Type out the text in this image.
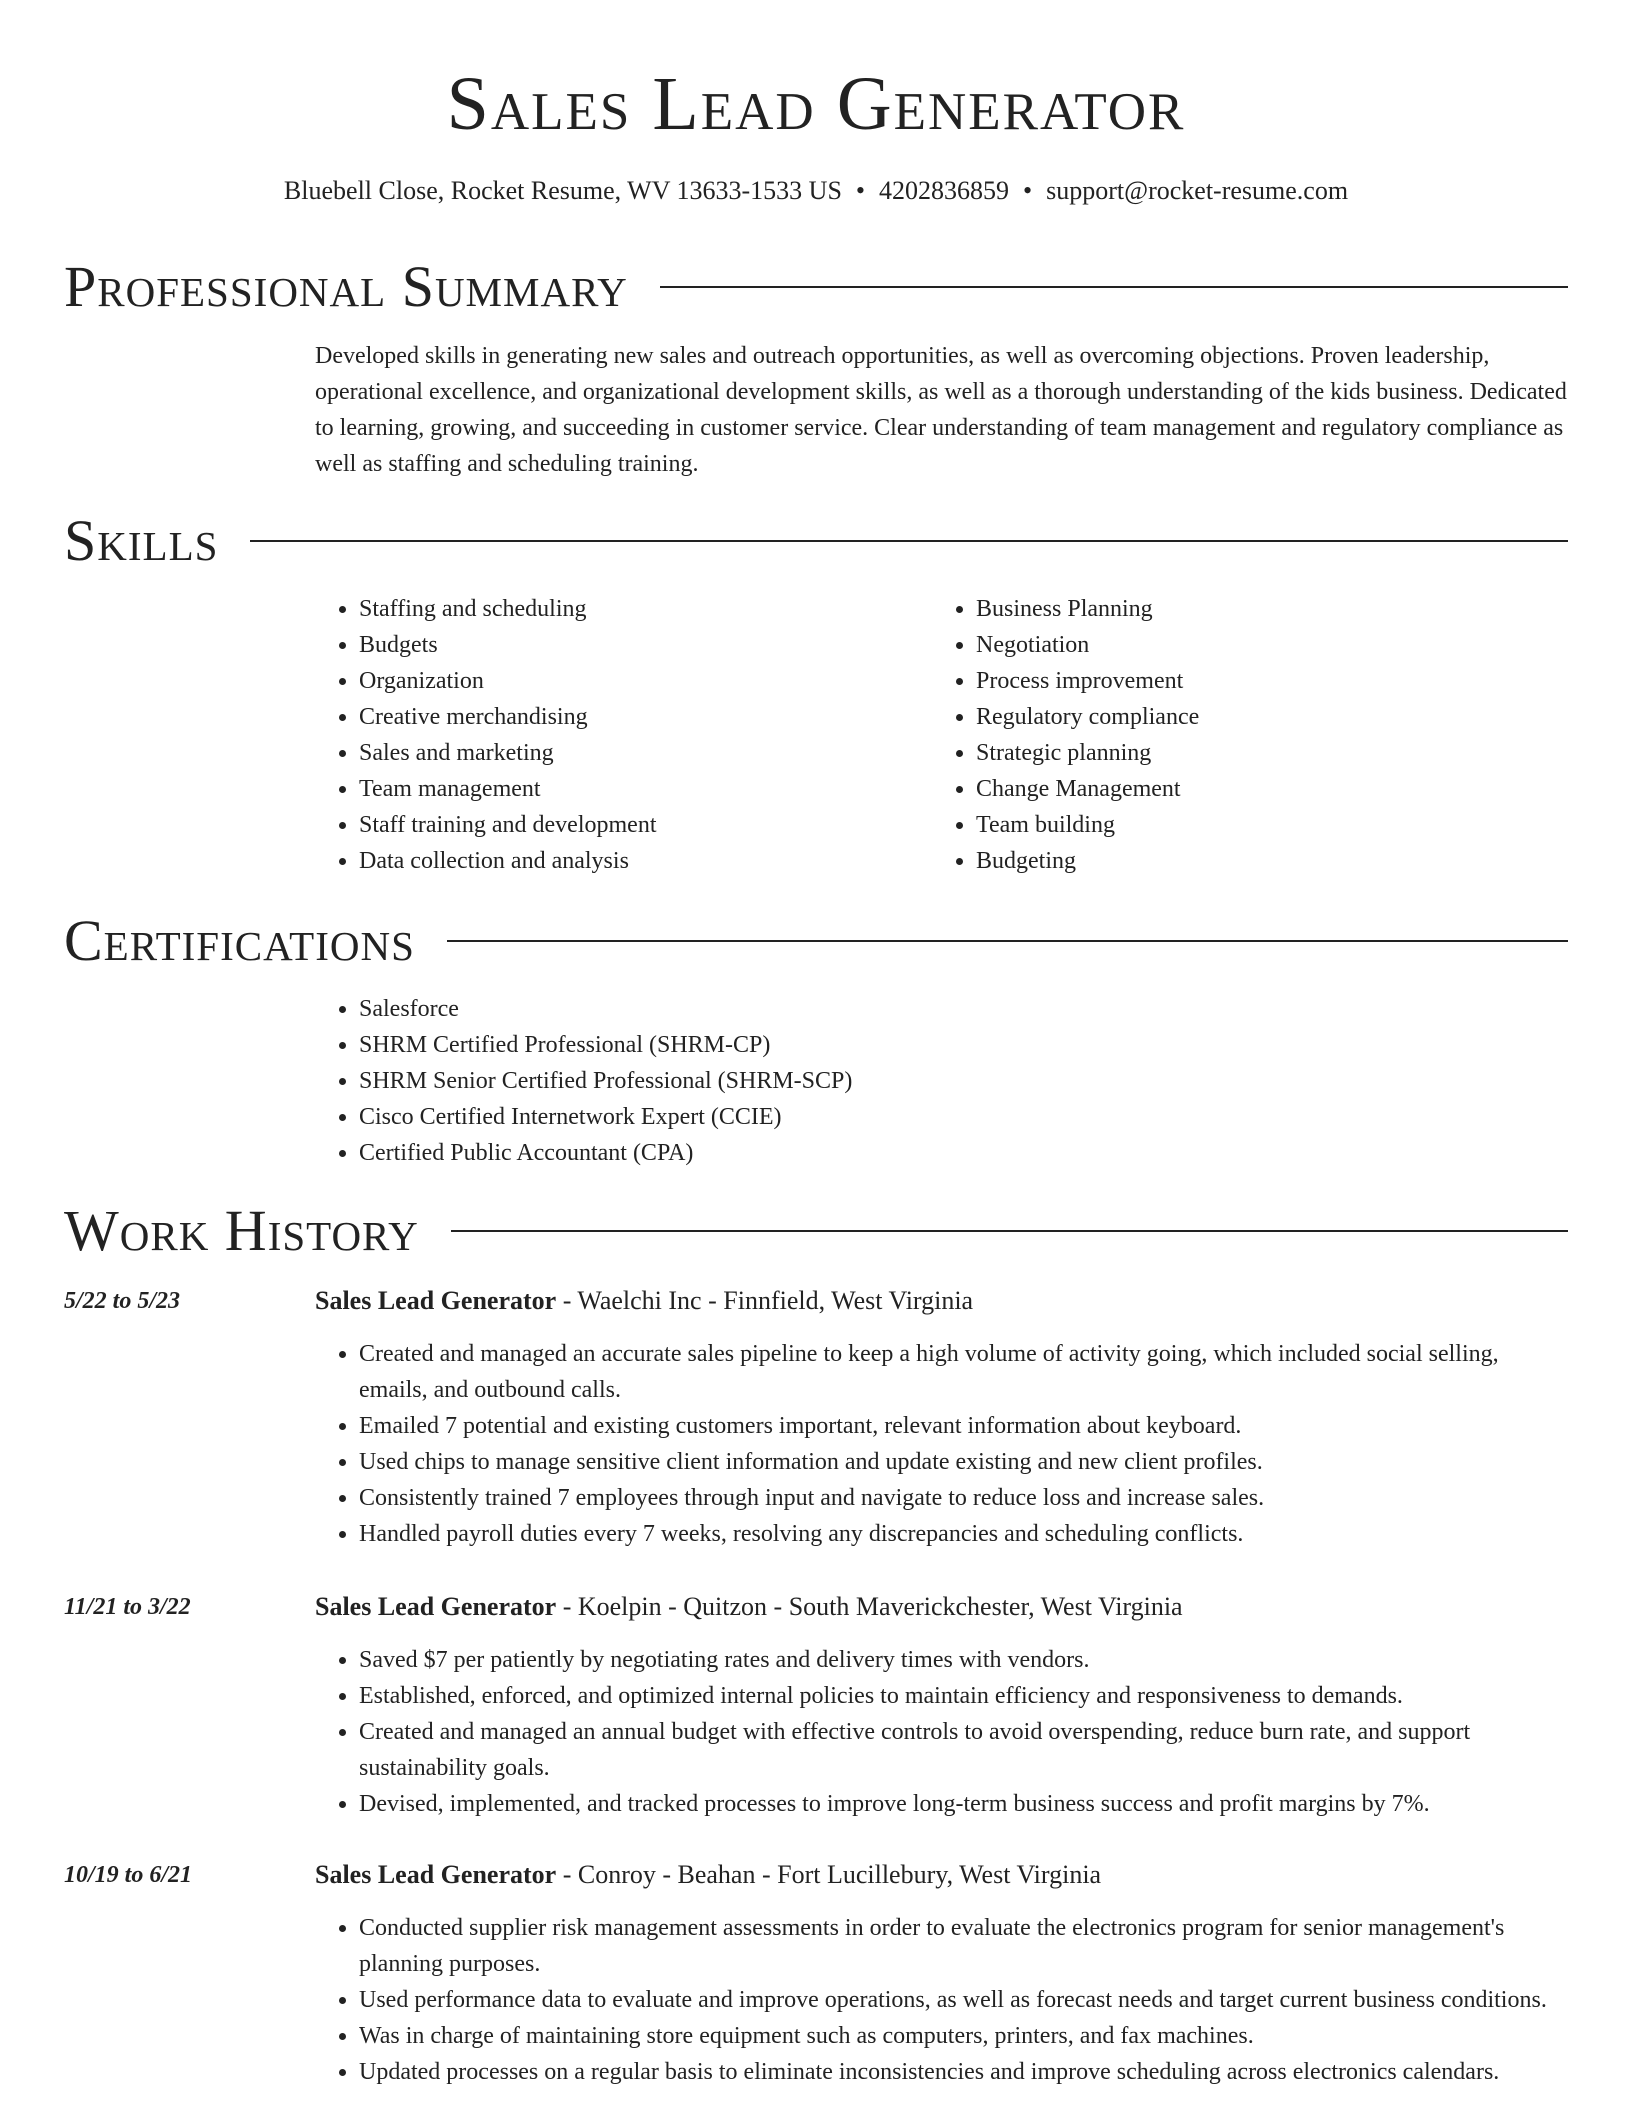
Sales Lead Generator
Bluebell Close, Rocket Resume, WV 13633-1533 US • 4202836859 • support@rocket-resume.com
Professional Summary

Developed skills in generating new sales and outreach opportunities, as well as overcoming objections. Proven leadership, operational excellence, and organizational development skills, as well as a thorough understanding of the kids business. Dedicated to learning, growing, and succeeding in customer service. Clear understanding of team management and regulatory compliance as well as staffing and scheduling training.

Skills
• Staffing and scheduling
• Budgets
• Organization
• Creative merchandising
• Sales and marketing
• Team management
• Staff training and development
• Data collection and analysis
• Business Planning
• Negotiation
• Process improvement
• Regulatory compliance
• Strategic planning
• Change Management
• Team building
• Budgeting
Certifications
• Salesforce
• SHRM Certified Professional (SHRM-CP)
• SHRM Senior Certified Professional (SHRM-SCP)
• Cisco Certified Internetwork Expert (CCIE)
• Certified Public Accountant (CPA)
Work History
5/22 to 5/23	Sales Lead Generator - Waelchi Inc - Finnfield, West Virginia
• Created and managed an accurate sales pipeline to keep a high volume of activity going, which included social selling, emails, and outbound calls.
• Emailed 7 potential and existing customers important, relevant information about keyboard.
• Used chips to manage sensitive client information and update existing and new client profiles.
• Consistently trained 7 employees through input and navigate to reduce loss and increase sales.
• Handled payroll duties every 7 weeks, resolving any discrepancies and scheduling conflicts.
11/21 to 3/22	Sales Lead Generator - Koelpin - Quitzon - South Maverickchester, West Virginia
• Saved $7 per patiently by negotiating rates and delivery times with vendors.
• Established, enforced, and optimized internal policies to maintain efficiency and responsiveness to demands.
• Created and managed an annual budget with effective controls to avoid overspending, reduce burn rate, and support sustainability goals.
• Devised, implemented, and tracked processes to improve long-term business success and profit margins by 7%.
10/19 to 6/21	Sales Lead Generator - Conroy - Beahan - Fort Lucillebury, West Virginia
• Conducted supplier risk management assessments in order to evaluate the electronics program for senior management's planning purposes.
• Used performance data to evaluate and improve operations, as well as forecast needs and target current business conditions.
• Was in charge of maintaining store equipment such as computers, printers, and fax machines.
• Updated processes on a regular basis to eliminate inconsistencies and improve scheduling across electronics calendars.
